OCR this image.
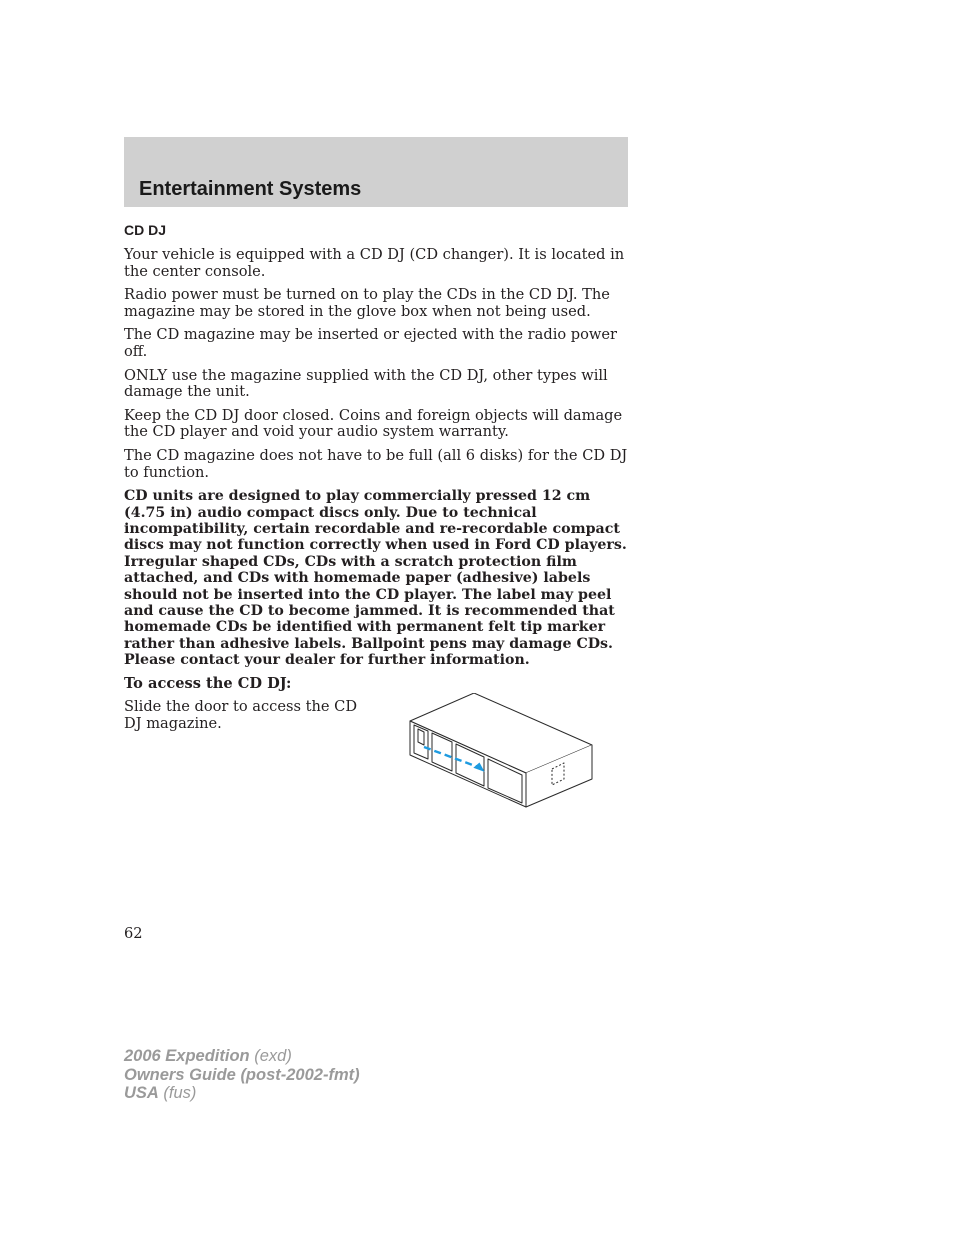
Entertainment Systems
CD DJ

Your vehicle is equipped with a CD DJ (CD changer). It is located in the center console.

Radio power must be turned on to play the CDs in the CD DJ. The magazine may be stored in the glove box when not being used.

The CD magazine may be inserted or ejected with the radio power off.

ONLY use the magazine supplied with the CD DJ, other types will damage the unit.

Keep the CD DJ door closed. Coins and foreign objects will damage the CD player and void your audio system warranty.

The CD magazine does not have to be full (all 6 disks) for the CD DJ to function.

CD units are designed to play commercially pressed 12 cm (4.75 in) audio compact discs only. Due to technical incompatibility, certain recordable and re-recordable compact discs may not function correctly when used in Ford CD players. Irregular shaped CDs, CDs with a scratch protection film attached, and CDs with homemade paper (adhesive) labels should not be inserted into the CD player. The label may peel and cause the CD to become jammed. It is recommended that homemade CDs be identified with permanent felt tip marker rather than adhesive labels. Ballpoint pens may damage CDs. Please contact your dealer for further information.

To access the CD DJ:

Slide the door to access the CD DJ magazine.

62

2006 Expedition (exd)
Owners Guide (post-2002-fmt)
USA (fus)
